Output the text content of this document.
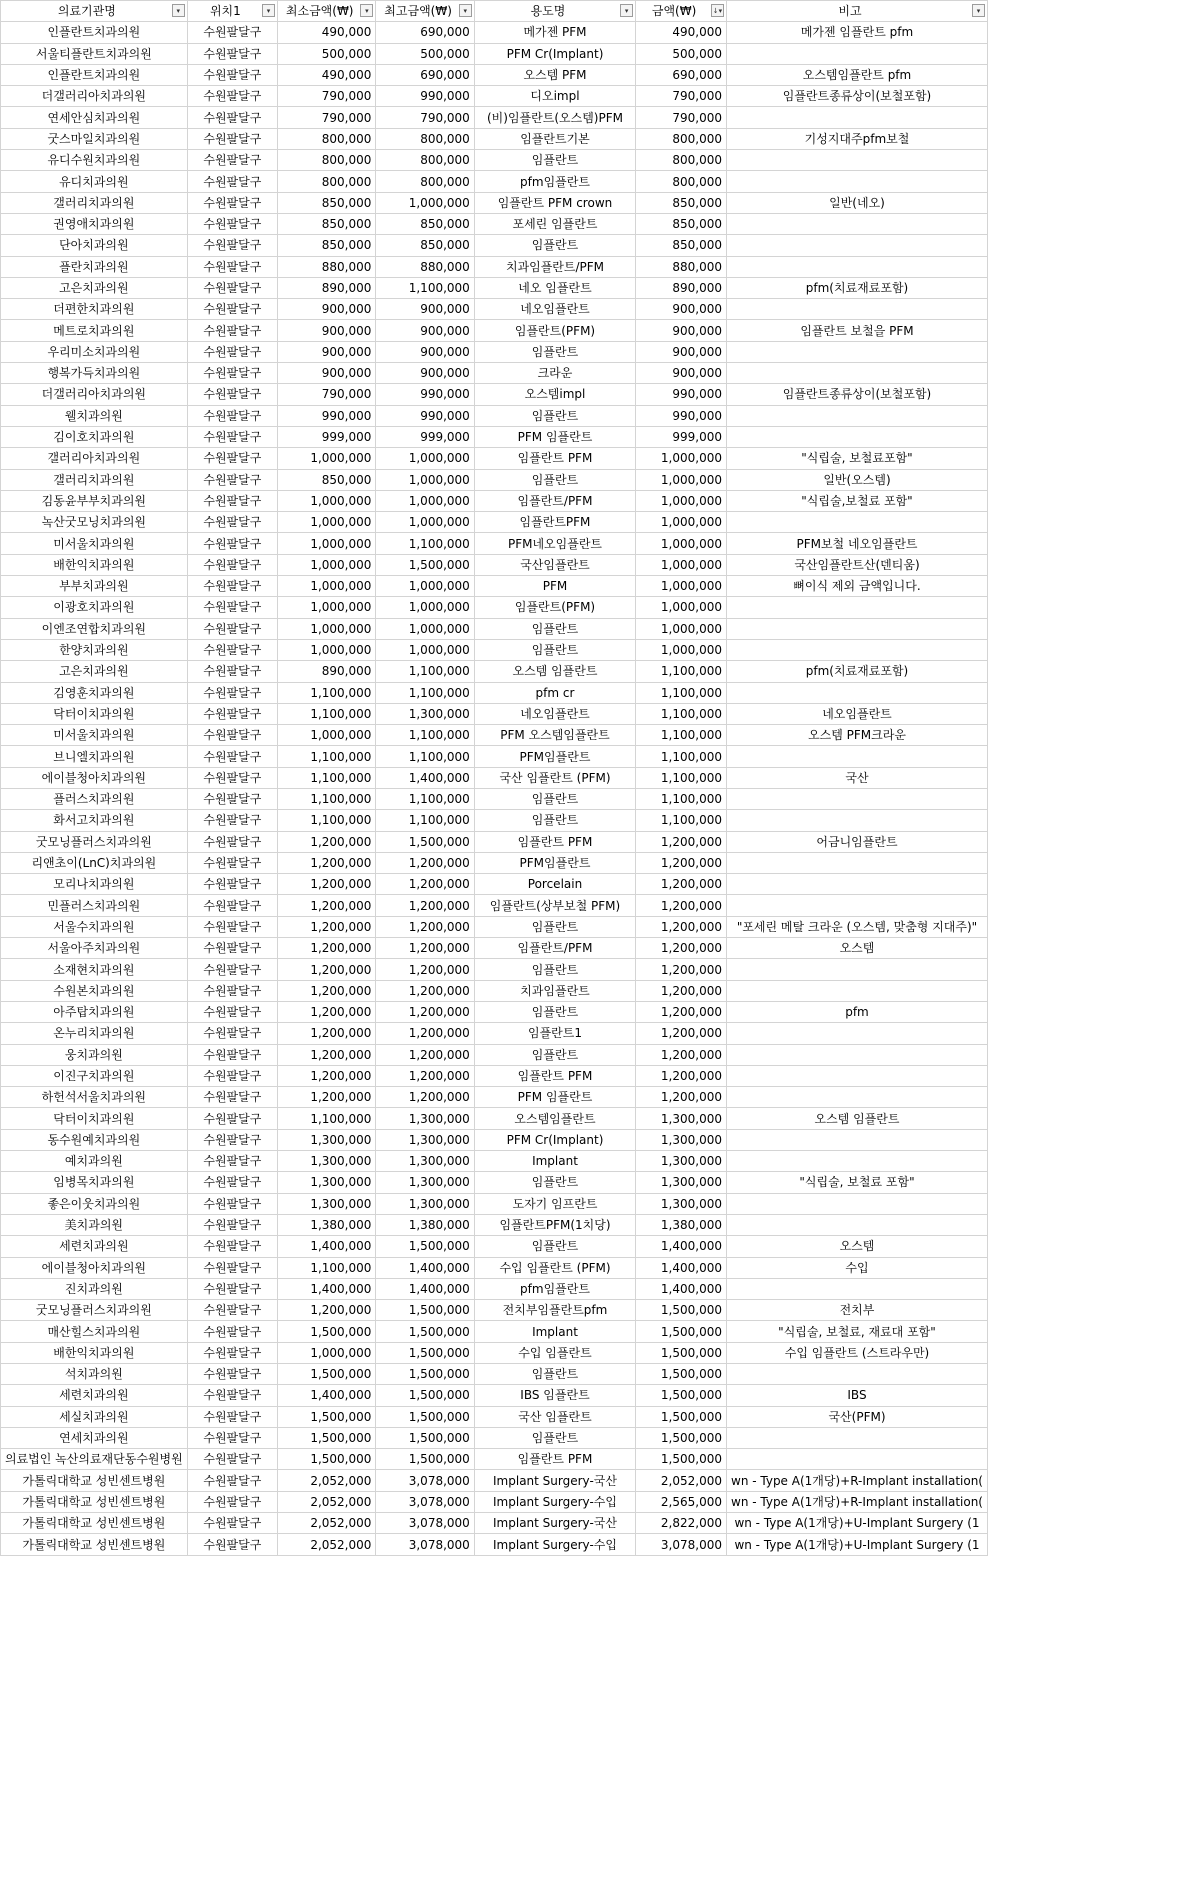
의료기관명 ▾	위치1 ▾	최소금액(₩) ▾	최고금액(₩) ▾	용도명 ▾	금액(₩) ↓▾	비고 ▾

인플란트치과의원	수원팔달구	490,000	690,000	메가젠 PFM	490,000	메가젠 임플란트 pfm
서울티플란트치과의원	수원팔달구	500,000	500,000	PFM Cr(Implant)	500,000	
인플란트치과의원	수원팔달구	490,000	690,000	오스템 PFM	690,000	오스템임플란트 pfm
더갤러리아치과의원	수원팔달구	790,000	990,000	디오impl	790,000	임플란트종류상이(보철포함)
연세안심치과의원	수원팔달구	790,000	790,000	(비)임플란트(오스템)PFM	790,000	
굿스마일치과의원	수원팔달구	800,000	800,000	임플란트기본	800,000	기성지대주pfm보철
유디수원치과의원	수원팔달구	800,000	800,000	임플란트	800,000	
유디치과의원	수원팔달구	800,000	800,000	pfm임플란트	800,000	
갤러리치과의원	수원팔달구	850,000	1,000,000	임플란트 PFM crown	850,000	일반(네오)
권영애치과의원	수원팔달구	850,000	850,000	포세린 임플란트	850,000	
단아치과의원	수원팔달구	850,000	850,000	임플란트	850,000	
플란치과의원	수원팔달구	880,000	880,000	치과임플란트/PFM	880,000	
고은치과의원	수원팔달구	890,000	1,100,000	네오 임플란트	890,000	pfm(치료재료포함)
더편한치과의원	수원팔달구	900,000	900,000	네오임플란트	900,000	
메트로치과의원	수원팔달구	900,000	900,000	임플란트(PFM)	900,000	임플란트 보철을 PFM
우리미소치과의원	수원팔달구	900,000	900,000	임플란트	900,000	
행복가득치과의원	수원팔달구	900,000	900,000	크라운	900,000	
더갤러리아치과의원	수원팔달구	790,000	990,000	오스템impl	990,000	임플란트종류상이(보철포함)
웰치과의원	수원팔달구	990,000	990,000	임플란트	990,000	
김이호치과의원	수원팔달구	999,000	999,000	PFM 임플란트	999,000	
갤러리아치과의원	수원팔달구	1,000,000	1,000,000	임플란트 PFM	1,000,000	"식립술, 보철료포함"
갤러리치과의원	수원팔달구	850,000	1,000,000	임플란트	1,000,000	일반(오스템)
김동윤부부치과의원	수원팔달구	1,000,000	1,000,000	임플란트/PFM	1,000,000	"식립술,보철료 포함"
녹산굿모닝치과의원	수원팔달구	1,000,000	1,000,000	임플란트PFM	1,000,000	
미서울치과의원	수원팔달구	1,000,000	1,100,000	PFM네오임플란트	1,000,000	PFM보철 네오임플란트
배한익치과의원	수원팔달구	1,000,000	1,500,000	국산임플란트	1,000,000	국산임플란트산(덴티움)
부부치과의원	수원팔달구	1,000,000	1,000,000	PFM	1,000,000	뼈이식 제외 금액입니다.
이광호치과의원	수원팔달구	1,000,000	1,000,000	임플란트(PFM)	1,000,000	
이엔조연합치과의원	수원팔달구	1,000,000	1,000,000	임플란트	1,000,000	
한양치과의원	수원팔달구	1,000,000	1,000,000	임플란트	1,000,000	
고은치과의원	수원팔달구	890,000	1,100,000	오스템 임플란트	1,100,000	pfm(치료재료포함)
김영훈치과의원	수원팔달구	1,100,000	1,100,000	pfm cr	1,100,000	
닥터이치과의원	수원팔달구	1,100,000	1,300,000	네오임플란트	1,100,000	네오임플란트
미서울치과의원	수원팔달구	1,000,000	1,100,000	PFM 오스템임플란트	1,100,000	오스템 PFM크라운
브니엘치과의원	수원팔달구	1,100,000	1,100,000	PFM임플란트	1,100,000	
에이블청아치과의원	수원팔달구	1,100,000	1,400,000	국산 임플란트 (PFM)	1,100,000	국산
플러스치과의원	수원팔달구	1,100,000	1,100,000	임플란트	1,100,000	
화서고치과의원	수원팔달구	1,100,000	1,100,000	임플란트	1,100,000	
굿모닝플러스치과의원	수원팔달구	1,200,000	1,500,000	임플란트 PFM	1,200,000	어금니임플란트
리앤초이(LnC)치과의원	수원팔달구	1,200,000	1,200,000	PFM임플란트	1,200,000	
모리나치과의원	수원팔달구	1,200,000	1,200,000	Porcelain	1,200,000	
민플러스치과의원	수원팔달구	1,200,000	1,200,000	임플란트(상부보철 PFM)	1,200,000	
서울수치과의원	수원팔달구	1,200,000	1,200,000	임플란트	1,200,000	"포세린 메탈 크라운 (오스템, 맞춤형 지대주)"
서울아주치과의원	수원팔달구	1,200,000	1,200,000	임플란트/PFM	1,200,000	오스템
소재현치과의원	수원팔달구	1,200,000	1,200,000	임플란트	1,200,000	
수원본치과의원	수원팔달구	1,200,000	1,200,000	치과임플란트	1,200,000	
아주탑치과의원	수원팔달구	1,200,000	1,200,000	임플란트	1,200,000	pfm
온누리치과의원	수원팔달구	1,200,000	1,200,000	임플란트1	1,200,000	
웅치과의원	수원팔달구	1,200,000	1,200,000	임플란트	1,200,000	
이진구치과의원	수원팔달구	1,200,000	1,200,000	임플란트 PFM	1,200,000	
하헌석서울치과의원	수원팔달구	1,200,000	1,200,000	PFM 임플란트	1,200,000	
닥터이치과의원	수원팔달구	1,100,000	1,300,000	오스템임플란트	1,300,000	오스템 임플란트
동수원예치과의원	수원팔달구	1,300,000	1,300,000	PFM Cr(Implant)	1,300,000	
예치과의원	수원팔달구	1,300,000	1,300,000	Implant	1,300,000	
임병목치과의원	수원팔달구	1,300,000	1,300,000	임플란트	1,300,000	"식립술, 보철료 포함"
좋은이웃치과의원	수원팔달구	1,300,000	1,300,000	도자기 임프란트	1,300,000	
美치과의원	수원팔달구	1,380,000	1,380,000	임플란트PFM(1치당)	1,380,000	
세련치과의원	수원팔달구	1,400,000	1,500,000	임플란트	1,400,000	오스템
에이블청아치과의원	수원팔달구	1,100,000	1,400,000	수입 임플란트 (PFM)	1,400,000	수입
진치과의원	수원팔달구	1,400,000	1,400,000	pfm임플란트	1,400,000	
굿모닝플러스치과의원	수원팔달구	1,200,000	1,500,000	전치부임플란트pfm	1,500,000	전치부
매산힐스치과의원	수원팔달구	1,500,000	1,500,000	Implant	1,500,000	"식립술, 보철료, 재료대 포함"
배한익치과의원	수원팔달구	1,000,000	1,500,000	수입 임플란트	1,500,000	수입 임플란트 (스트라우만)
석치과의원	수원팔달구	1,500,000	1,500,000	임플란트	1,500,000	
세련치과의원	수원팔달구	1,400,000	1,500,000	IBS 임플란트	1,500,000	IBS
세실치과의원	수원팔달구	1,500,000	1,500,000	국산 임플란트	1,500,000	국산(PFM)
연세치과의원	수원팔달구	1,500,000	1,500,000	임플란트	1,500,000	
의료법인 녹산의료재단동수원병원	수원팔달구	1,500,000	1,500,000	임플란트 PFM	1,500,000	
가톨릭대학교 성빈센트병원	수원팔달구	2,052,000	3,078,000	Implant Surgery-국산	2,052,000	wn - Type A(1개당)+R-Implant installation(
가톨릭대학교 성빈센트병원	수원팔달구	2,052,000	3,078,000	Implant Surgery-수입	2,565,000	wn - Type A(1개당)+R-Implant installation(
가톨릭대학교 성빈센트병원	수원팔달구	2,052,000	3,078,000	Implant Surgery-국산	2,822,000	wn - Type A(1개당)+U-Implant Surgery (1
가톨릭대학교 성빈센트병원	수원팔달구	2,052,000	3,078,000	Implant Surgery-수입	3,078,000	wn - Type A(1개당)+U-Implant Surgery (1
